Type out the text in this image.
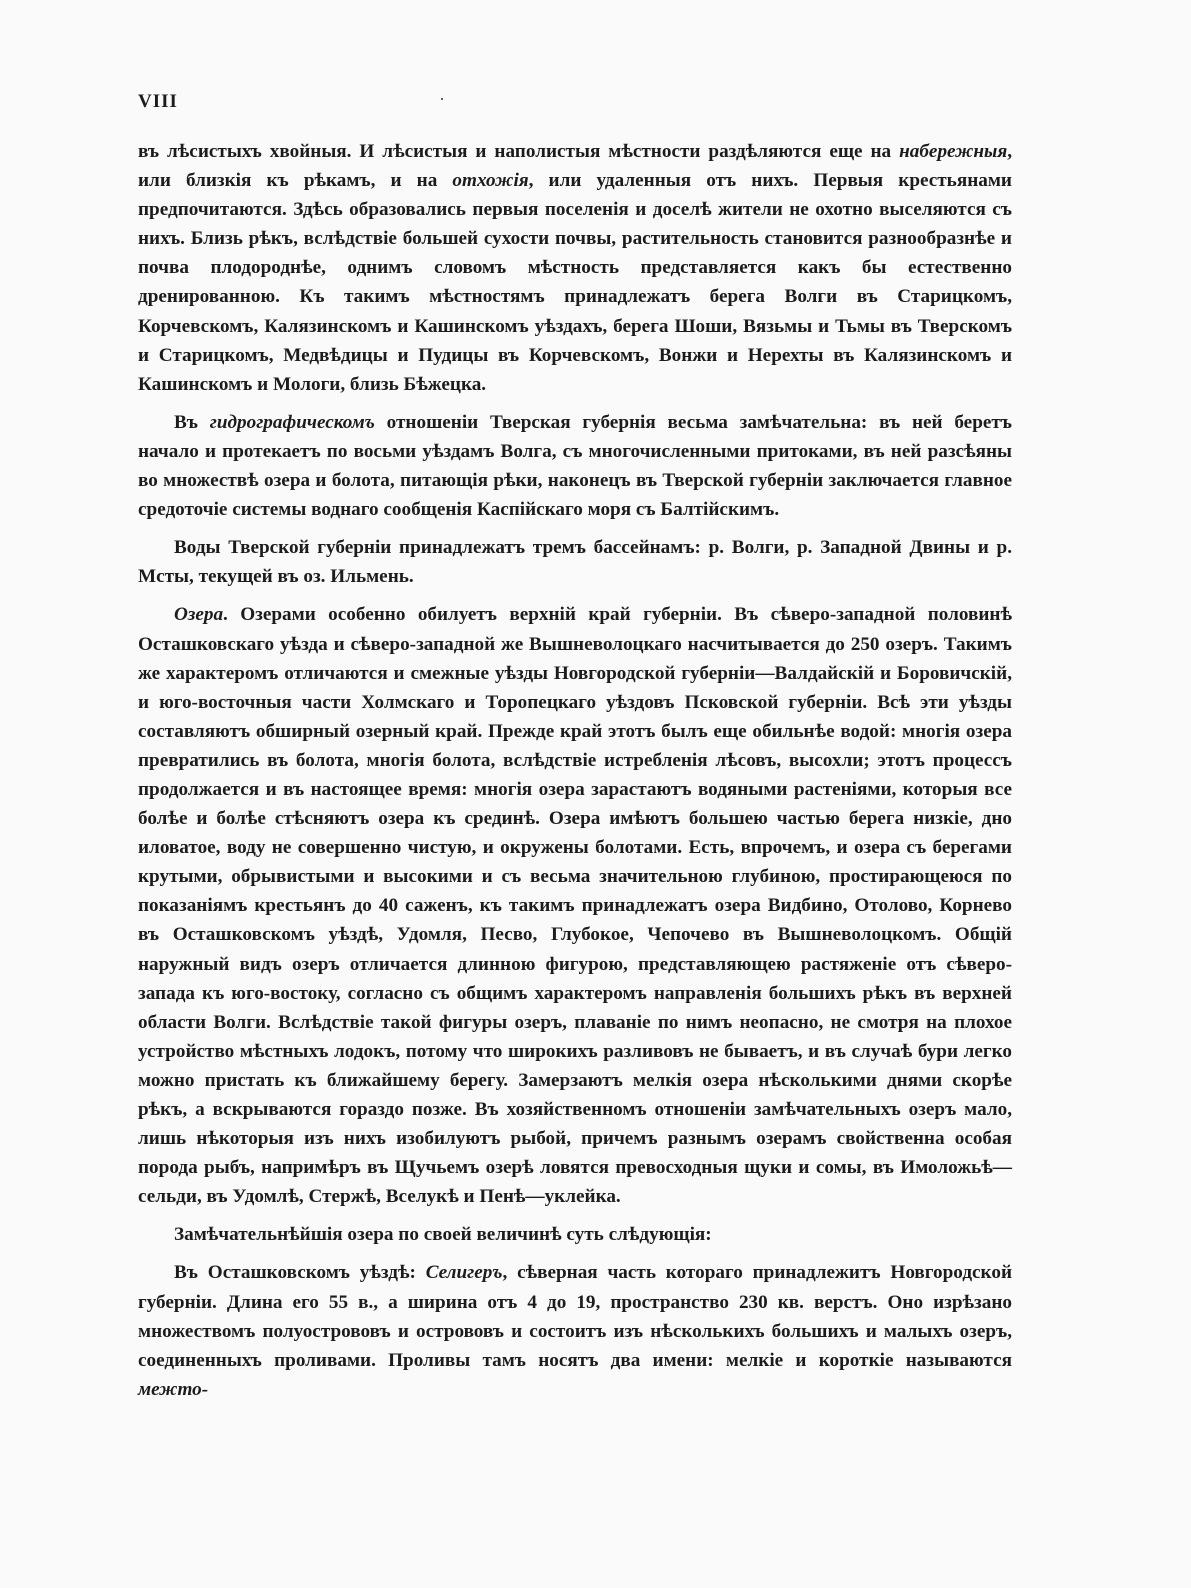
VIII

въ лѣсистыхъ хвойныя. И лѣсистыя и наполистыя мѣстности раздѣляются еще на набережныя, или близкія къ рѣкамъ, и на отхожія, или удаленныя отъ нихъ. Первыя крестьянами предпочитаются. Здѣсь образовались первыя поселенія и доселѣ жители не охотно выселяются съ нихъ. Близь рѣкъ, вслѣдствіе большей сухости почвы, растительность становится разнообразнѣе и почва плодороднѣе, однимъ словомъ мѣстность представляется какъ бы естественно дренированною. Къ такимъ мѣстностямъ принадлежатъ берега Волги въ Старицкомъ, Корчевскомъ, Калязинскомъ и Кашинскомъ уѣздахъ, берега Шоши, Вязьмы и Тьмы въ Тверскомъ и Старицкомъ, Медвѣдицы и Пудицы въ Корчевскомъ, Вонжи и Нерехты въ Калязинскомъ и Кашинскомъ и Мологи, близь Бѣжецка.

Въ гидрографическомъ отношеніи Тверская губернія весьма замѣчательна: въ ней беретъ начало и протекаетъ по восьми уѣздамъ Волга, съ многочисленными притоками, въ ней разсѣяны во множествѣ озера и болота, питающія рѣки, наконецъ въ Тверской губерніи заключается главное средоточіе системы воднаго сообщенія Каспійскаго моря съ Балтійскимъ.

Воды Тверской губерніи принадлежатъ тремъ бассейнамъ: р. Волги, р. Западной Двины и р. Мсты, текущей въ оз. Ильмень.

Озера. Озерами особенно обилуетъ верхній край губерніи. Въ сѣверо-западной половинѣ Осташковскаго уѣзда и сѣверо-западной же Вышневолоцкаго насчитывается до 250 озеръ. Такимъ же характеромъ отличаются и смежные уѣзды Новгородской губерніи—Валдайскій и Боровичскій, и юго-восточныя части Холмскаго и Торопецкаго уѣздовъ Псковской губерніи. Всѣ эти уѣзды составляютъ обширный озерный край. Прежде край этотъ былъ еще обильнѣе водой: многія озера превратились въ болота, многія болота, вслѣдствіе истребленія лѣсовъ, высохли; этотъ процессъ продолжается и въ настоящее время: многія озера зарастаютъ водяными растеніями, которыя все болѣе и болѣе стѣсняютъ озера къ срединѣ. Озера имѣютъ большею частью берега низкіе, дно иловатое, воду не совершенно чистую, и окружены болотами. Есть, впрочемъ, и озера съ берегами крутыми, обрывистыми и высокими и съ весьма значительною глубиною, простирающеюся по показаніямъ крестьянъ до 40 саженъ, къ такимъ принадлежатъ озера Видбино, Отолово, Корнево въ Осташковскомъ уѣздѣ, Удомля, Песво, Глубокое, Чепочево въ Вышневолоцкомъ. Общій наружный видъ озеръ отличается длинною фигурою, представляющею растяженіе отъ сѣверо-запада къ юго-востоку, согласно съ общимъ характеромъ направленія большихъ рѣкъ въ верхней области Волги. Вслѣдствіе такой фигуры озеръ, плаваніе по нимъ неопасно, не смотря на плохое устройство мѣстныхъ лодокъ, потому что широкихъ разливовъ не бываетъ, и въ случаѣ бури легко можно пристать къ ближайшему берегу. Замерзаютъ мелкія озера нѣсколькими днями скорѣе рѣкъ, а вскрываются гораздо позже. Въ хозяйственномъ отношеніи замѣчательныхъ озеръ мало, лишь нѣкоторыя изъ нихъ изобилуютъ рыбой, причемъ разнымъ озерамъ свойственна особая порода рыбъ, напримѣръ въ Щучьемъ озерѣ ловятся превосходныя щуки и сомы, въ Имоложьѣ—сельди, въ Удомлѣ, Стержѣ, Вселукѣ и Пенѣ—уклейка.

Замѣчательнѣйшія озера по своей величинѣ суть слѣдующія:

Въ Осташковскомъ уѣздѣ: Селигеръ, сѣверная часть котораго принадлежитъ Новгородской губерніи. Длина его 55 в., а ширина отъ 4 до 19, пространство 230 кв. верстъ. Оно изрѣзано множествомъ полуострововъ и острововъ и состоитъ изъ нѣсколькихъ большихъ и малыхъ озеръ, соединенныхъ проливами. Проливы тамъ носятъ два имени: мелкіе и короткіе называются межто-
